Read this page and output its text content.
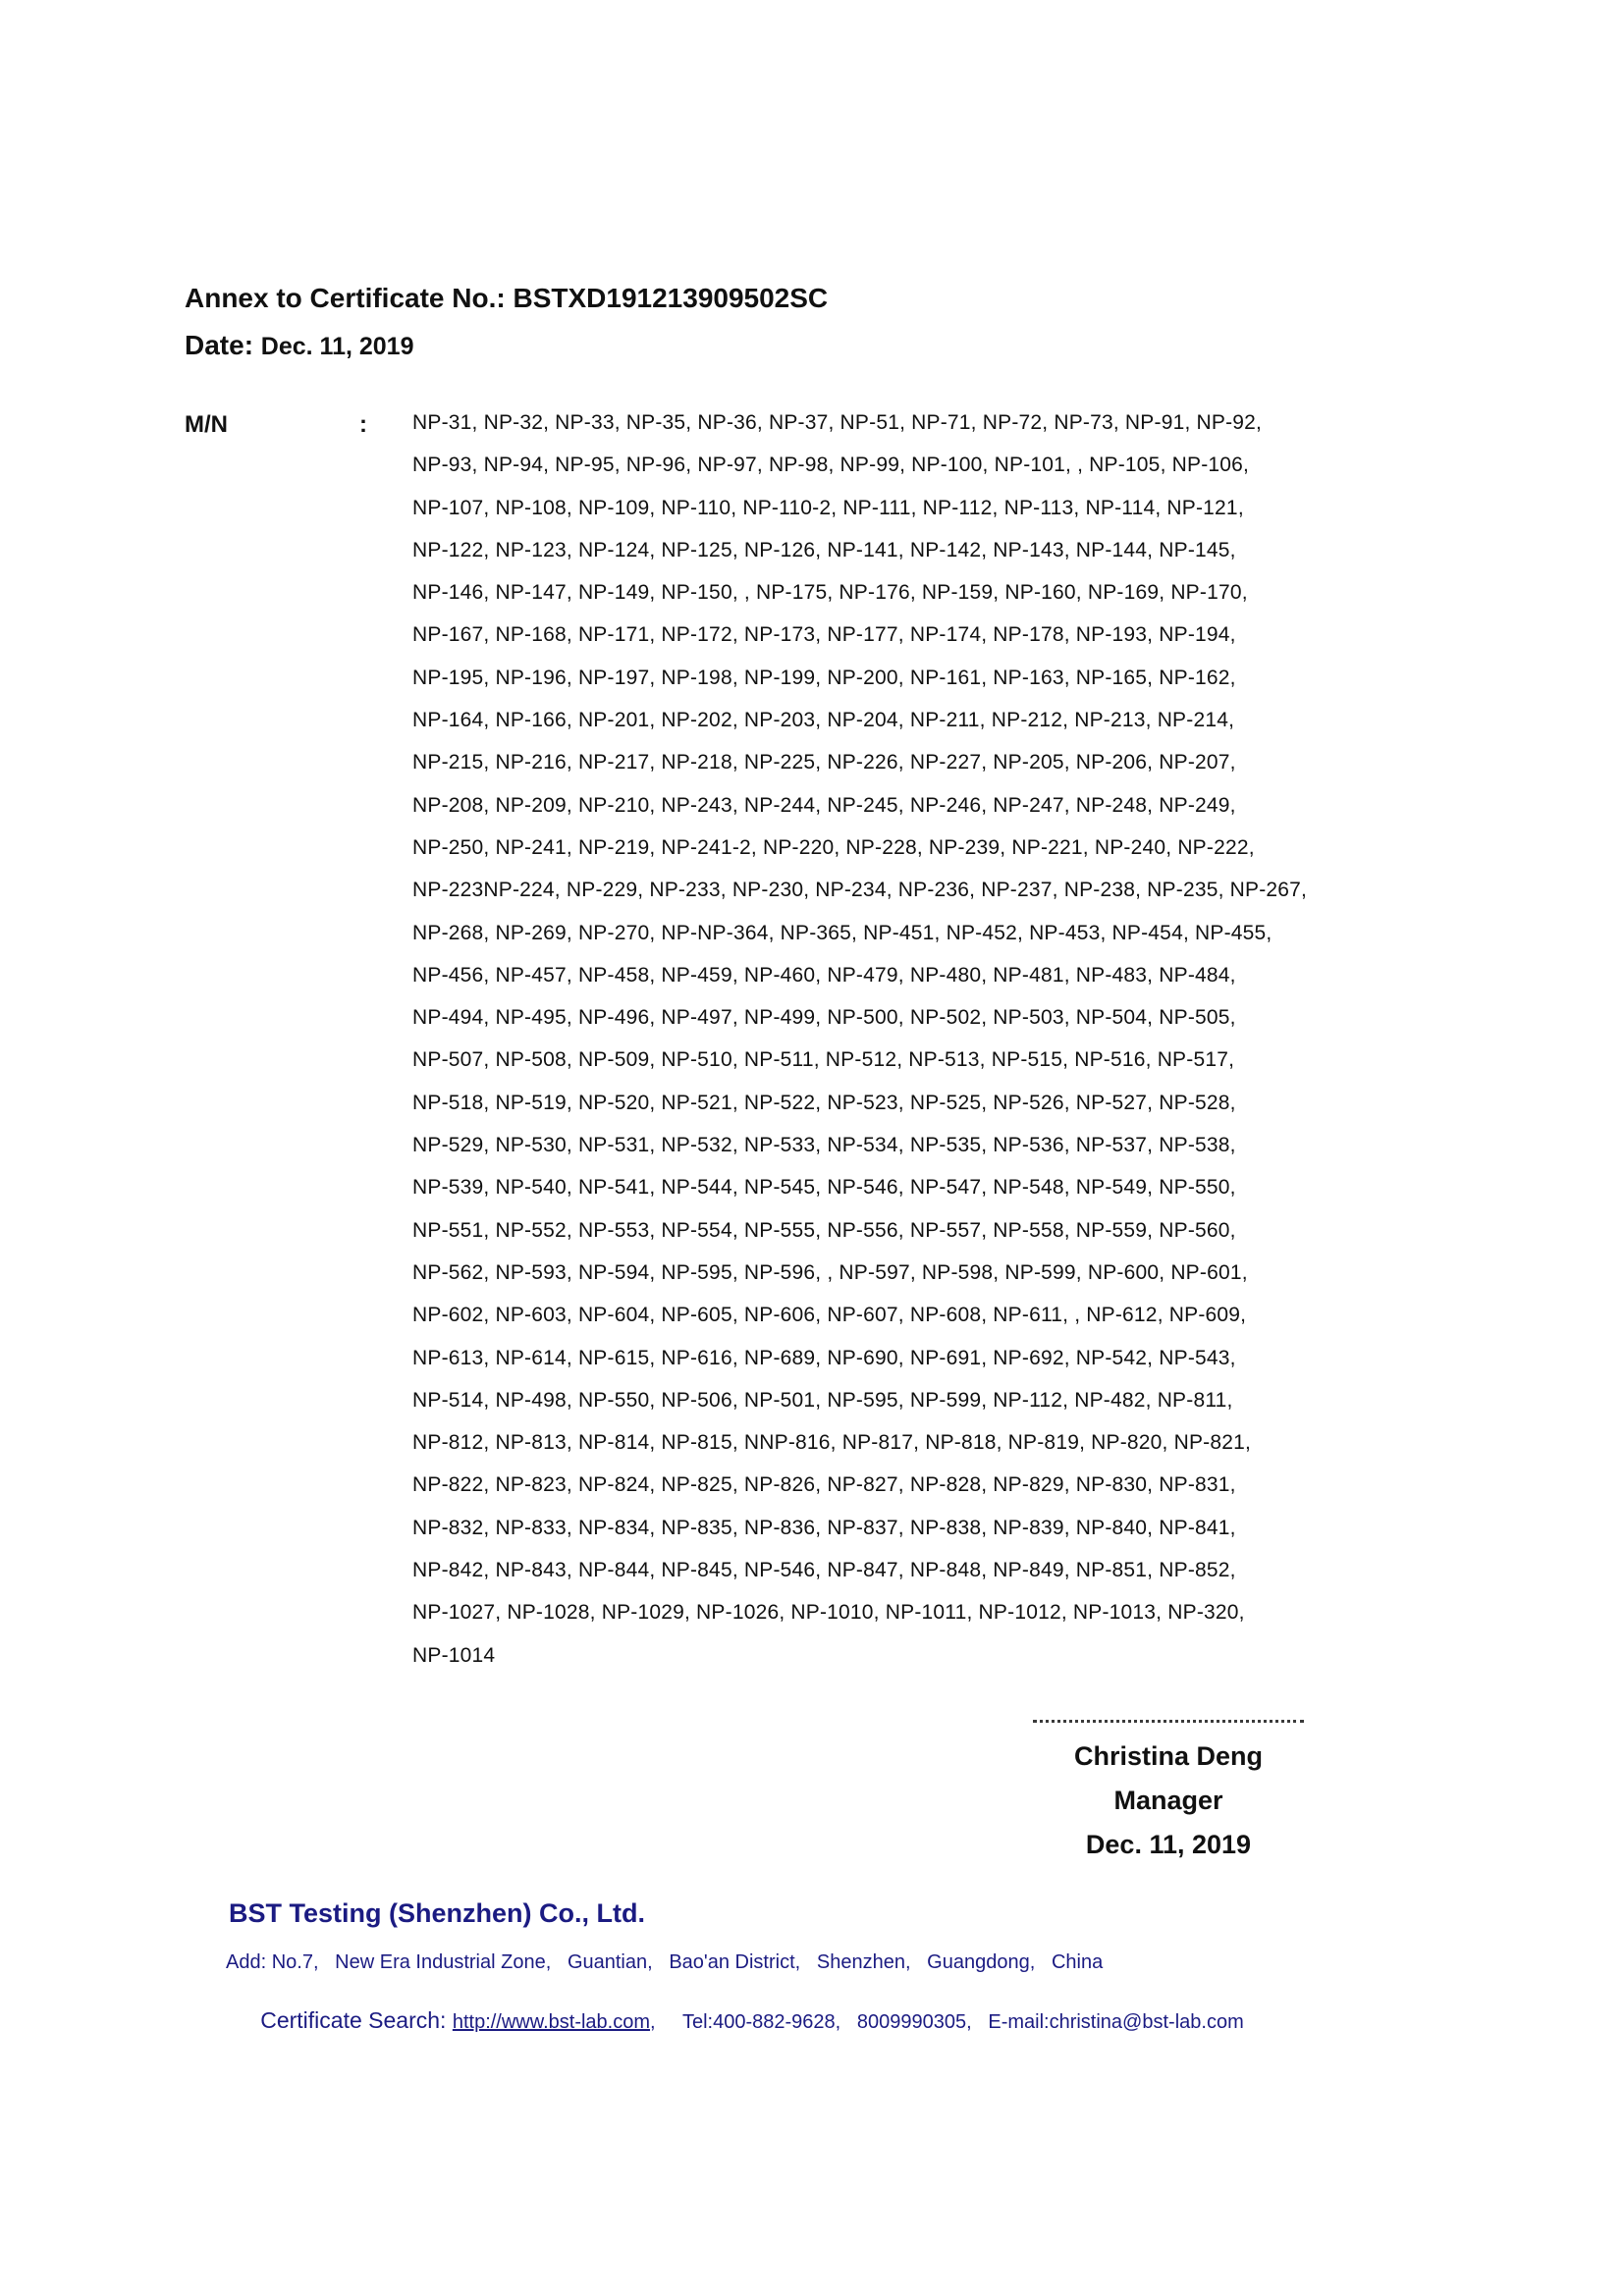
Annex to Certificate No.: BSTXD191213909502SC
Date: Dec. 11, 2019
M/N	: NP-31, NP-32, NP-33, NP-35, NP-36, NP-37, NP-51, NP-71, NP-72, NP-73, NP-91, NP-92,
NP-93, NP-94, NP-95, NP-96, NP-97, NP-98, NP-99, NP-100, NP-101, , NP-105, NP-106,
NP-107, NP-108, NP-109, NP-110, NP-110-2, NP-111, NP-112, NP-113, NP-114, NP-121,
NP-122, NP-123, NP-124, NP-125, NP-126, NP-141, NP-142, NP-143, NP-144, NP-145,
NP-146, NP-147, NP-149, NP-150, , NP-175, NP-176, NP-159, NP-160, NP-169, NP-170,
NP-167, NP-168, NP-171, NP-172, NP-173, NP-177, NP-174, NP-178, NP-193, NP-194,
NP-195, NP-196, NP-197, NP-198, NP-199, NP-200, NP-161, NP-163, NP-165, NP-162,
NP-164, NP-166, NP-201, NP-202, NP-203, NP-204, NP-211, NP-212, NP-213, NP-214,
NP-215, NP-216, NP-217, NP-218, NP-225, NP-226, NP-227, NP-205, NP-206, NP-207,
NP-208, NP-209, NP-210, NP-243, NP-244, NP-245, NP-246, NP-247, NP-248, NP-249,
NP-250, NP-241, NP-219, NP-241-2, NP-220, NP-228, NP-239, NP-221, NP-240, NP-222,
NP-223NP-224, NP-229, NP-233, NP-230, NP-234, NP-236, NP-237, NP-238, NP-235, NP-267,
NP-268, NP-269, NP-270, NP-NP-364, NP-365, NP-451, NP-452, NP-453, NP-454, NP-455,
NP-456, NP-457, NP-458, NP-459, NP-460, NP-479, NP-480, NP-481, NP-483, NP-484,
NP-494, NP-495, NP-496, NP-497, NP-499, NP-500, NP-502, NP-503, NP-504, NP-505,
NP-507, NP-508, NP-509, NP-510, NP-511, NP-512, NP-513, NP-515, NP-516, NP-517,
NP-518, NP-519, NP-520, NP-521, NP-522, NP-523, NP-525, NP-526, NP-527, NP-528,
NP-529, NP-530, NP-531, NP-532, NP-533, NP-534, NP-535, NP-536, NP-537, NP-538,
NP-539, NP-540, NP-541, NP-544, NP-545, NP-546, NP-547, NP-548, NP-549, NP-550,
NP-551, NP-552, NP-553, NP-554, NP-555, NP-556, NP-557, NP-558, NP-559, NP-560,
NP-562, NP-593, NP-594, NP-595, NP-596, , NP-597, NP-598, NP-599, NP-600, NP-601,
NP-602, NP-603, NP-604, NP-605, NP-606, NP-607, NP-608, NP-611, , NP-612, NP-609,
NP-613, NP-614, NP-615, NP-616, NP-689, NP-690, NP-691, NP-692, NP-542, NP-543,
NP-514, NP-498, NP-550, NP-506, NP-501, NP-595, NP-599, NP-112, NP-482, NP-811,
NP-812, NP-813, NP-814, NP-815, NNP-816, NP-817, NP-818, NP-819, NP-820, NP-821,
NP-822, NP-823, NP-824, NP-825, NP-826, NP-827, NP-828, NP-829, NP-830, NP-831,
NP-832, NP-833, NP-834, NP-835, NP-836, NP-837, NP-838, NP-839, NP-840, NP-841,
NP-842, NP-843, NP-844, NP-845, NP-546, NP-847, NP-848, NP-849, NP-851, NP-852,
NP-1027, NP-1028, NP-1029, NP-1026, NP-1010, NP-1011, NP-1012, NP-1013, NP-320,
NP-1014
Christina Deng
Manager
Dec. 11, 2019
BST Testing (Shenzhen) Co., Ltd.
Add: No.7,   New Era Industrial Zone,   Guantian,   Bao'an District,   Shenzhen,   Guangdong,   China

Certificate Search: http://www.bst-lab.com,     Tel:400-882-9628,   8009990305,   E-mail:christina@bst-lab.com
